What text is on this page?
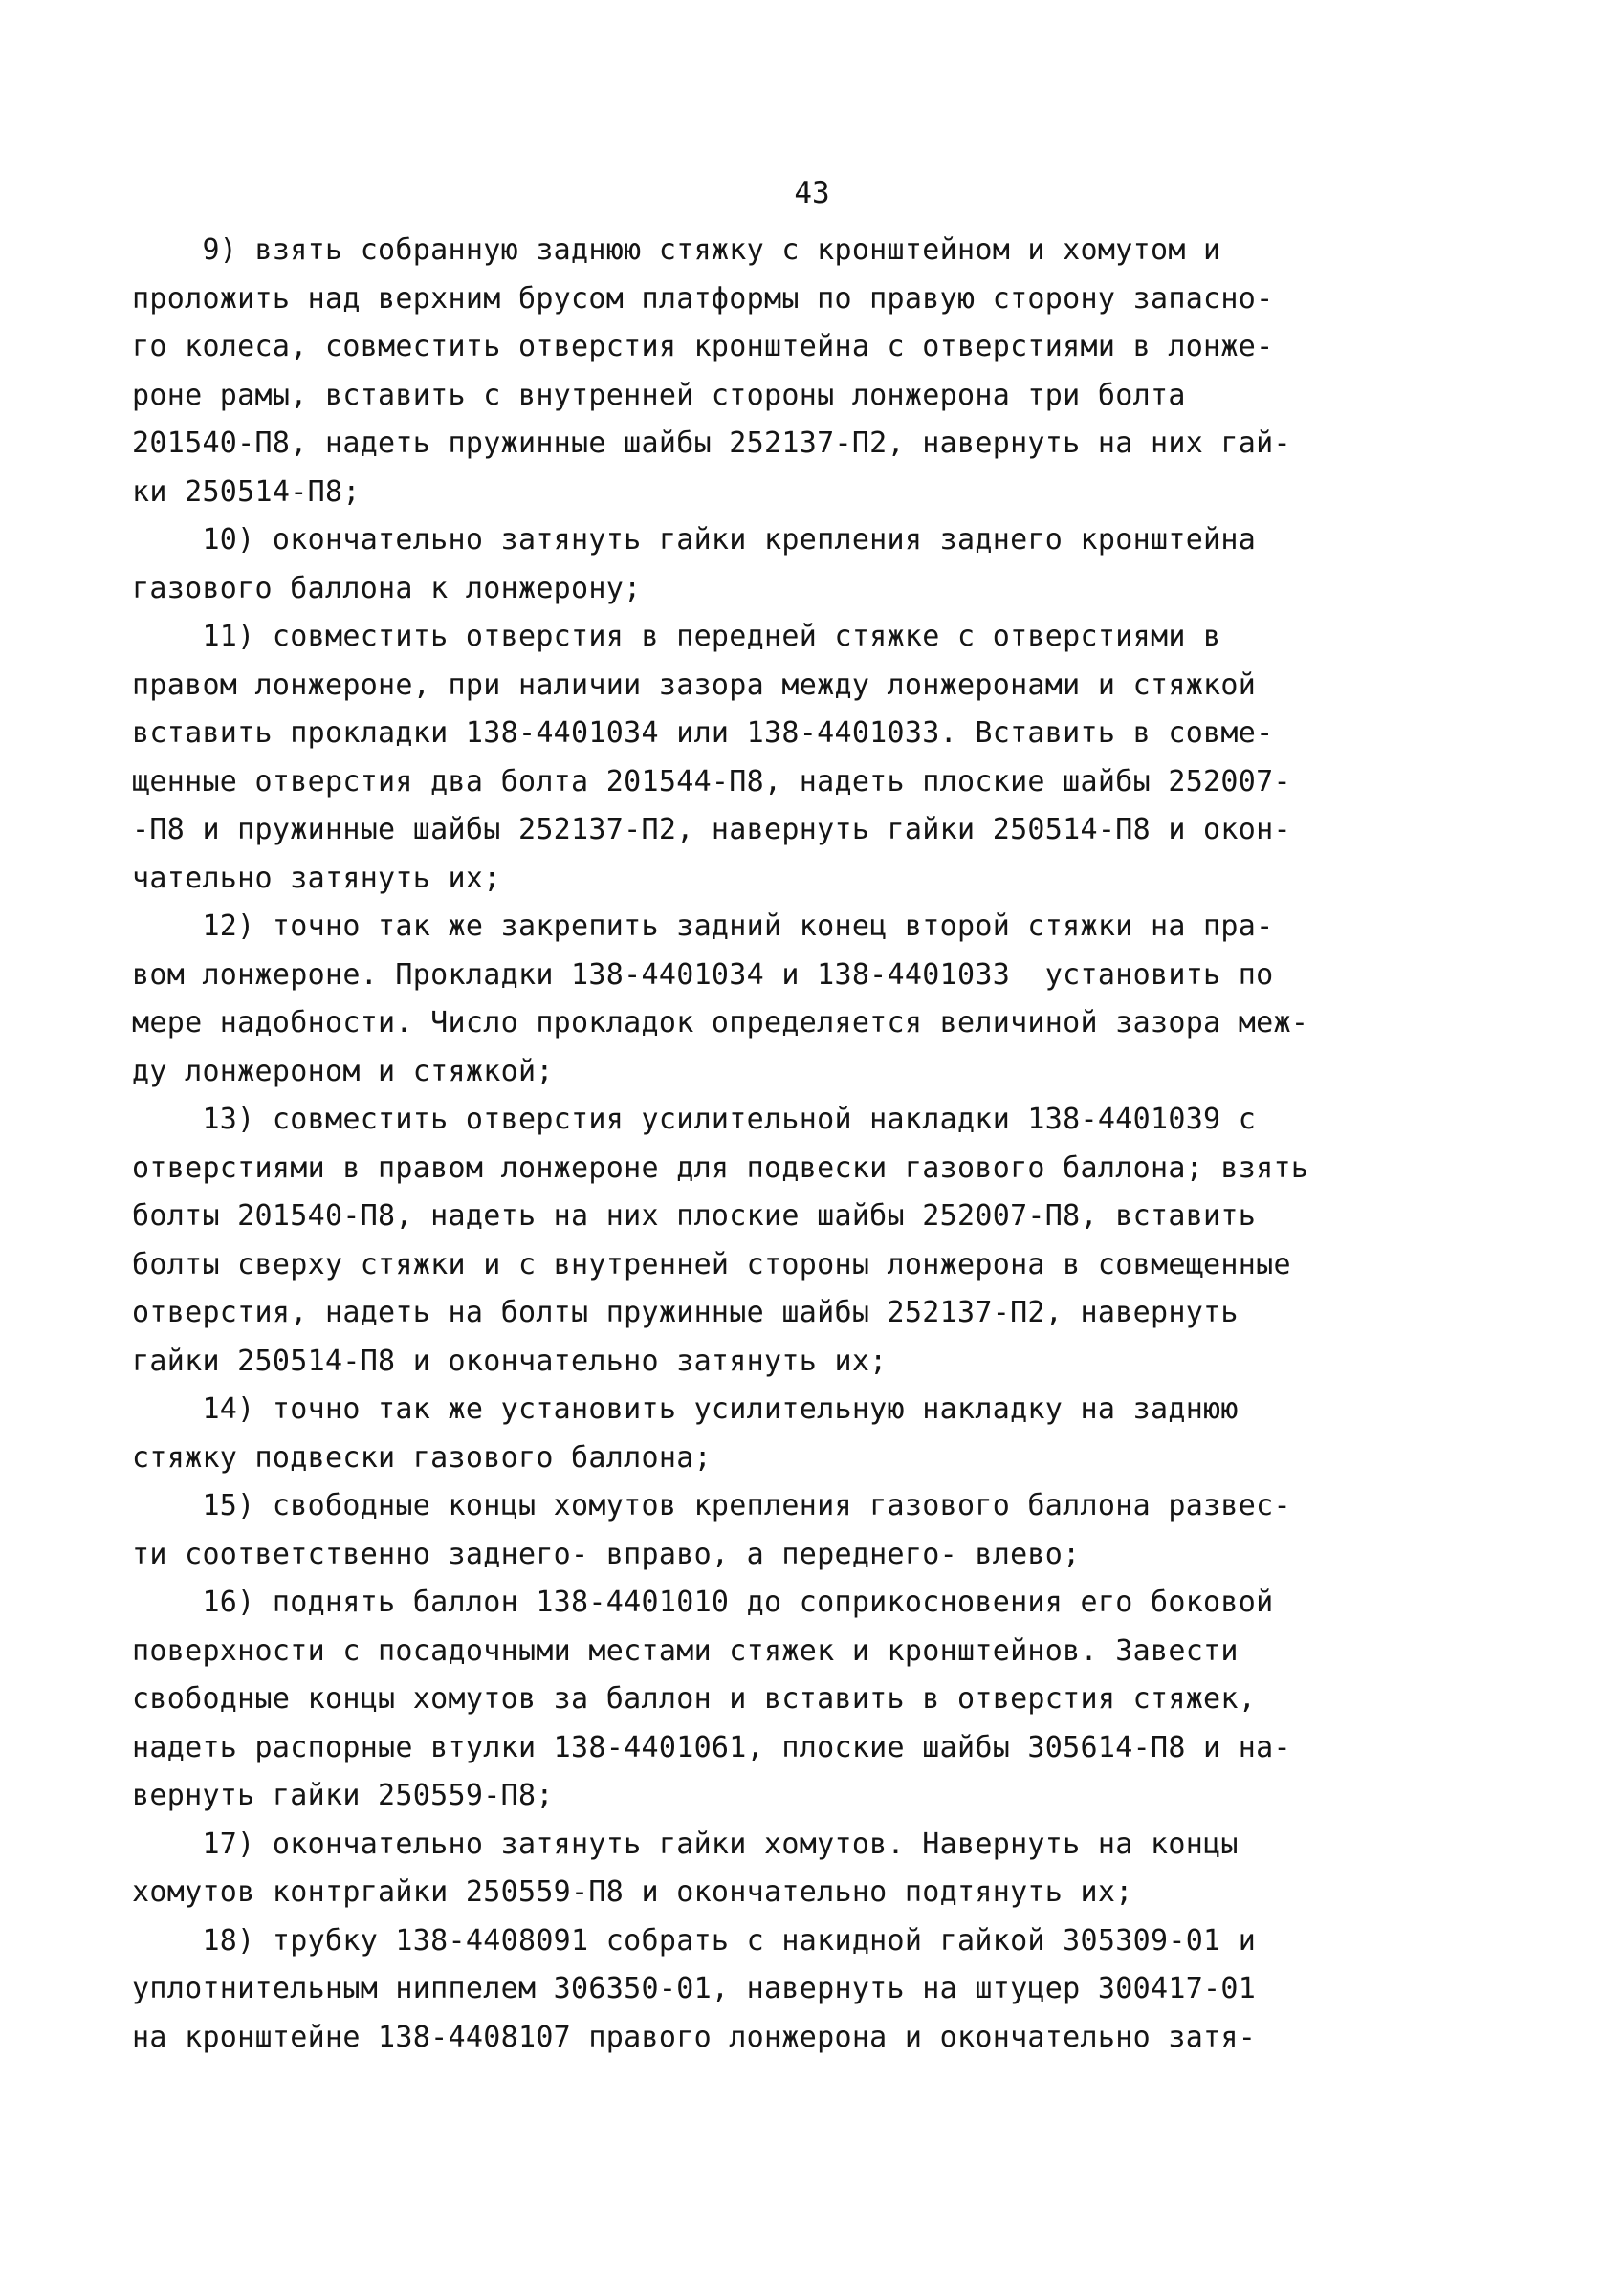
43

9) взять собранную заднюю стяжку с кронштейном и хомутом и
проложить над верхним брусом платформы по правую сторону запасно-
го колеса, совместить отверстия кронштейна с отверстиями в лонже-
роне рамы, вставить с внутренней стороны лонжерона три болта
201540-П8, надеть пружинные шайбы 252137-П2, навернуть на них гай-
ки 250514-П8;

10) окончательно затянуть гайки крепления заднего кронштейна
газового баллона к лонжерону;

11) совместить отверстия в передней стяжке с отверстиями в
правом лонжероне, при наличии зазора между лонжеронами и стяжкой
вставить прокладки 138-4401034 или 138-4401033. Вставить в совме-
щенные отверстия два болта 201544-П8, надеть плоские шайбы 252007-
-П8 и пружинные шайбы 252137-П2, навернуть гайки 250514-П8 и окон-
чательно затянуть их;

12) точно так же закрепить задний конец второй стяжки на пра-
вом лонжероне. Прокладки 138-4401034 и 138-4401033  установить по
мере надобности. Число прокладок определяется величиной зазора меж-
ду лонжероном и стяжкой;

13) совместить отверстия усилительной накладки 138-4401039 с
отверстиями в правом лонжероне для подвески газового баллона; взять
болты 201540-П8, надеть на них плоские шайбы 252007-П8, вставить
болты сверху стяжки и с внутренней стороны лонжерона в совмещенные
отверстия, надеть на болты пружинные шайбы 252137-П2, навернуть
гайки 250514-П8 и окончательно затянуть их;

14) точно так же установить усилительную накладку на заднюю
стяжку подвески газового баллона;

15) свободные концы хомутов крепления газового баллона развес-
ти соответственно заднего- вправо, а переднего- влево;

16) поднять баллон 138-4401010 до соприкосновения его боковой
поверхности с посадочными местами стяжек и кронштейнов. Завести
свободные концы хомутов за баллон и вставить в отверстия стяжек,
надеть распорные втулки 138-4401061, плоские шайбы 305614-П8 и на-
вернуть гайки 250559-П8;

17) окончательно затянуть гайки хомутов. Навернуть на концы
хомутов контргайки 250559-П8 и окончательно подтянуть их;

18) трубку 138-4408091 собрать с накидной гайкой 305309-01 и
уплотнительным ниппелем 306350-01, навернуть на штуцер 300417-01
на кронштейне 138-4408107 правого лонжерона и окончательно затя-
